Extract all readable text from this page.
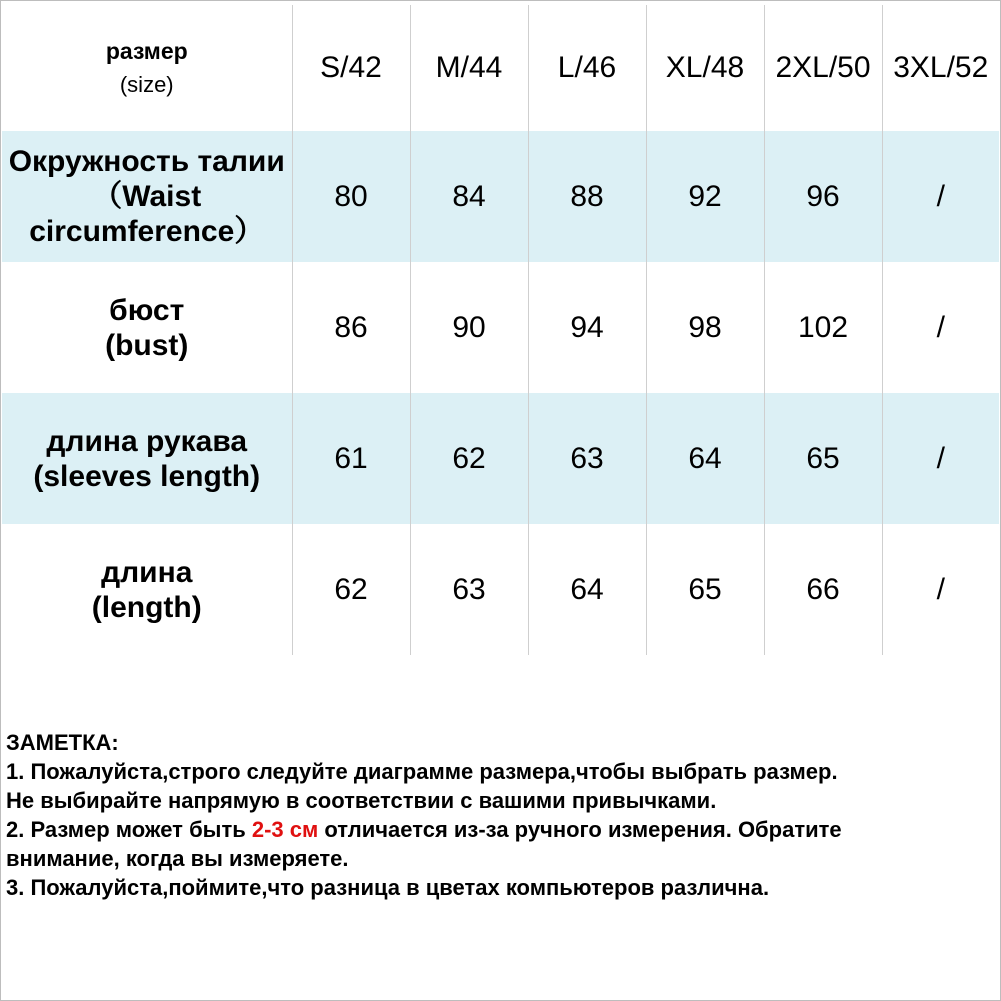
размер
(size)	S/42	M/44	L/46	XL/48	2XL/50	3XL/52

Окружность талии
（Waist
circumference）	80	84	88	92	96	/

бюст
(bust)	86	90	94	98	102	/

длина рукава
(sleeves length)	61	62	63	64	65	/

длина
(length)	62	63	64	65	66	/

ЗАМЕТКА:

1. Пожалуйста,строго следуйте диаграмме размера,чтобы выбрать размер.

Не выбирайте напрямую в соответствии с вашими привычками.

2. Размер может быть 2-3 см отличается из-за ручного измерения. Обратите

внимание, когда вы измеряете.

3. Пожалуйста,поймите,что разница в цветах компьютеров различна.
